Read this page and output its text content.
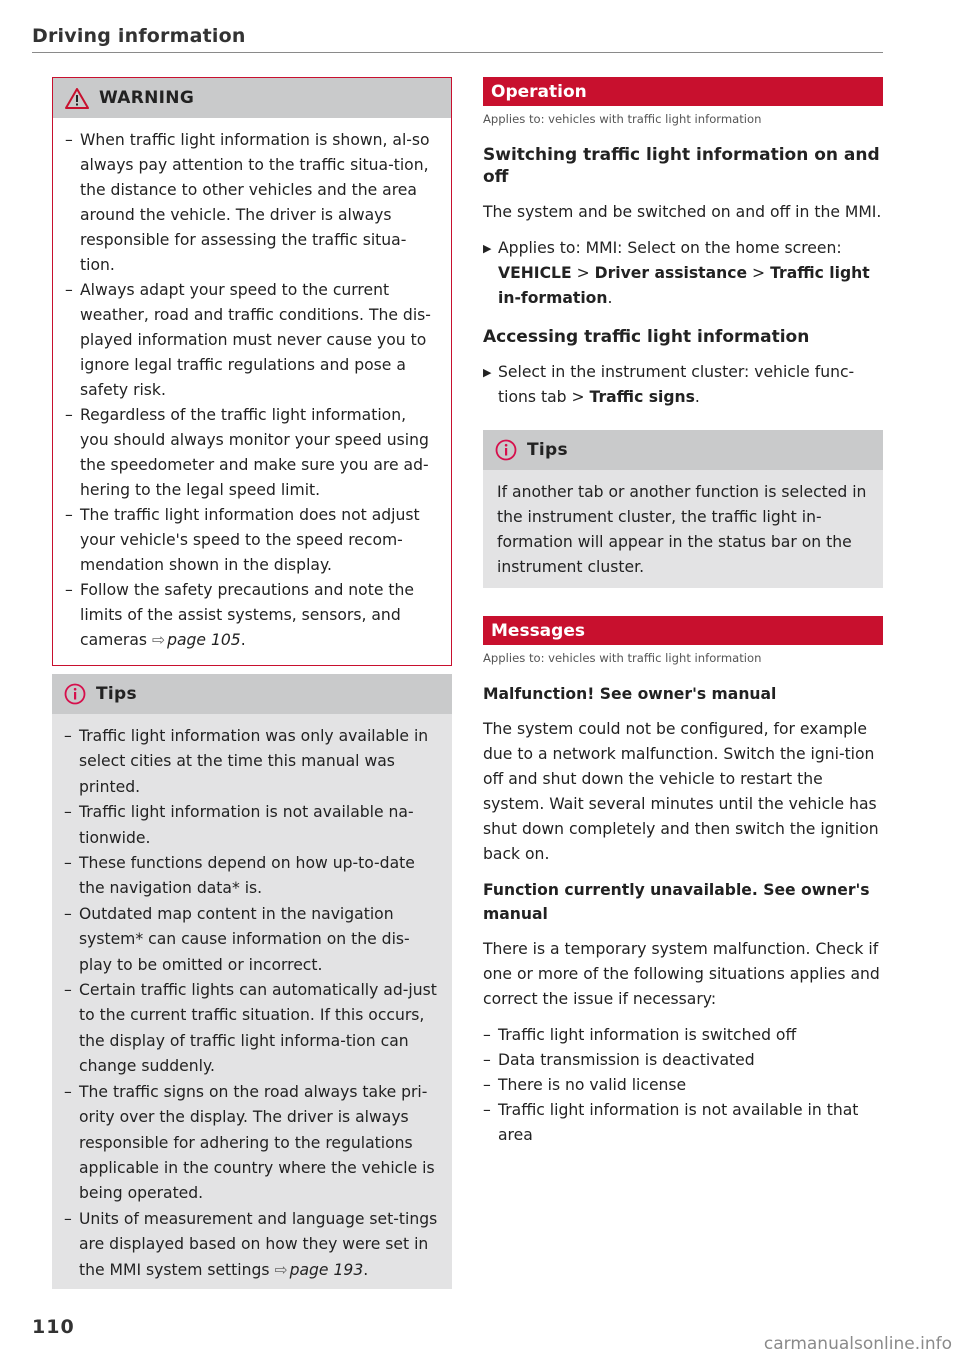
Driving information
WARNING
– When traffic light information is shown, al-so always pay attention to the traffic situa-tion, the distance to other vehicles and the area around the vehicle. The driver is always responsible for assessing the traffic situa-tion.
– Always adapt your speed to the current weather, road and traffic conditions. The dis-played information must never cause you to ignore legal traffic regulations and pose a safety risk.
– Regardless of the traffic light information, you should always monitor your speed using the speedometer and make sure you are ad-hering to the legal speed limit.
– The traffic light information does not adjust your vehicle's speed to the speed recom-mendation shown in the display.
– Follow the safety precautions and note the limits of the assist systems, sensors, and cameras ⇨ page 105.
Tips
– Traffic light information was only available in select cities at the time this manual was printed.
– Traffic light information is not available na-tionwide.
– These functions depend on how up-to-date the navigation data* is.
– Outdated map content in the navigation system* can cause information on the dis-play to be omitted or incorrect.
– Certain traffic lights can automatically ad-just to the current traffic situation. If this occurs, the display of traffic light informa-tion can change suddenly.
– The traffic signs on the road always take pri-ority over the display. The driver is always responsible for adhering to the regulations applicable in the country where the vehicle is being operated.
– Units of measurement and language set-tings are displayed based on how they were set in the MMI system settings ⇨ page 193.
Operation
Applies to: vehicles with traffic light information
Switching traffic light information on and off

The system and be switched on and off in the MMI.

▶ Applies to: MMI: Select on the home screen: VEHICLE > Driver assistance > Traffic light in-formation.
Accessing traffic light information
▶ Select in the instrument cluster: vehicle func-tions tab > Traffic signs.
Tips

If another tab or another function is selected in the instrument cluster, the traffic light in-formation will appear in the status bar on the instrument cluster.

Messages
Applies to: vehicles with traffic light information
Malfunction! See owner's manual

The system could not be configured, for example due to a network malfunction. Switch the igni-tion off and shut down the vehicle to restart the system. Wait several minutes until the vehicle has shut down completely and then switch the ignition back on.

Function currently unavailable. See owner's manual

There is a temporary system malfunction. Check if one or more of the following situations applies and correct the issue if necessary:

– Traffic light information is switched off
– Data transmission is deactivated
– There is no valid license
– Traffic light information is not available in that area
110
carmanualsonline.info
